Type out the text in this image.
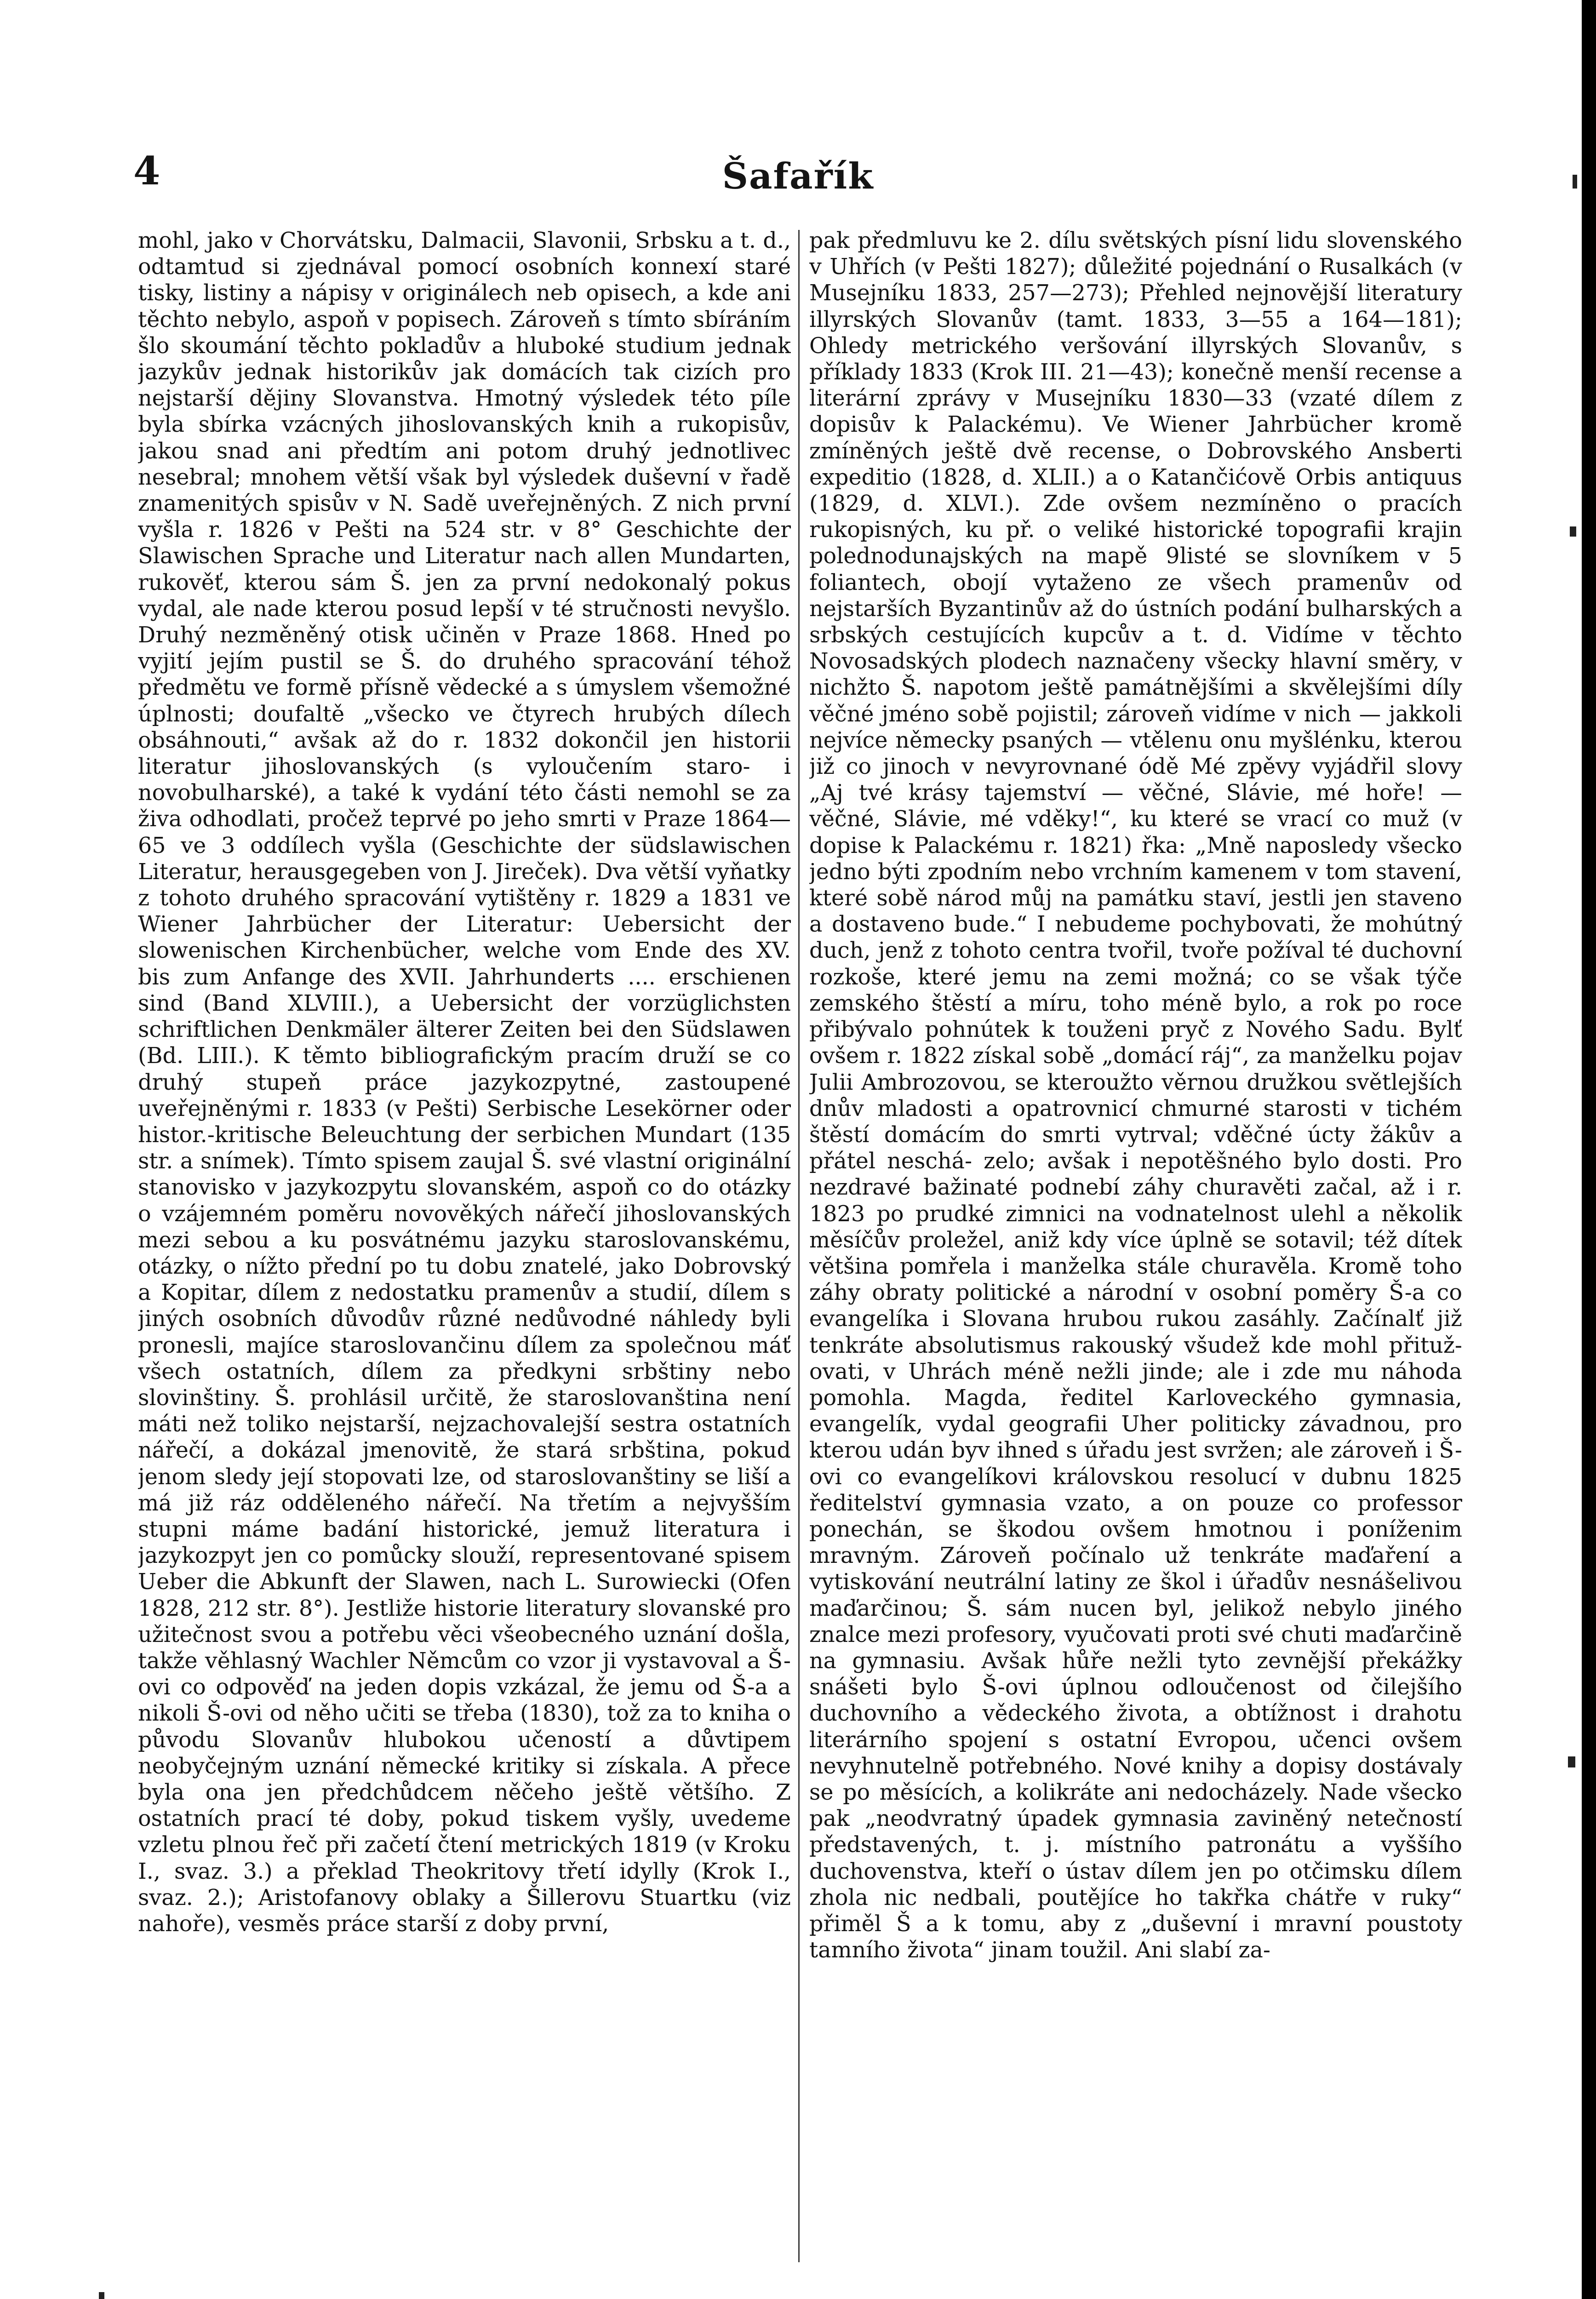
4	Šafařík

mohl, jako v Chorvátsku, Dalmacii, Slavonii, Srbsku a t. d., odtamtud si zjednával pomocí osobních konnexí staré tisky, listiny a nápisy v originálech neb opisech, a kde ani těchto nebylo, aspoň v popisech. Zároveň s tímto sbíráním šlo skoumání těchto pokladův a hluboké studium jednak jazykův jednak historikův jak domácích tak cizích pro nejstarší dějiny Slovanstva. Hmotný výsledek této píle byla sbírka vzácných jihoslovanských knih a rukopisův, jakou snad ani předtím ani potom druhý jednotlivec nesebral; mnohem větší však byl výsledek duševní v řadě znamenitých spisův v N. Sadě uveřejněných. Z nich první vyšla r. 1826 v Pešti na 524 str. v 8° Geschichte der Slawischen Sprache und Literatur nach allen Mundarten, rukověť, kterou sám Š. jen za první nedokonalý pokus vydal, ale nade kterou posud lepší v té stručnosti nevyšlo. Druhý nezměněný otisk učiněn v Praze 1868. Hned po vyjití jejím pustil se Š. do druhého spracování téhož předmětu ve formě přísně vědecké a s úmyslem všemožné úplnosti; doufaltě „všecko ve čtyrech hrubých dílech obsáhnouti,“ avšak až do r. 1832 dokončil jen historii literatur jihoslovanských (s vyloučením staro- i novobulharské), a také k vydání této části nemohl se za živa odhodlati, pročež teprvé po jeho smrti v Praze 1864—65 ve 3 oddílech vyšla (Geschichte der südslawischen Literatur, herausgegeben von J. Jireček). Dva větší vyňatky z tohoto druhého spracování vytištěny r. 1829 a 1831 ve Wiener Jahrbücher der Literatur: Uebersicht der slowenischen Kirchenbücher, welche vom Ende des XV. bis zum Anfange des XVII. Jahrhunderts .... erschienen sind (Band XLVIII.), a Uebersicht der vorzüglichsten schriftlichen Denkmäler älterer Zeiten bei den Südslawen (Bd. LIII.). K těmto bibliografickým pracím druží se co druhý stupeň práce jazykozpytné, zastoupené uveřejněnými r. 1833 (v Pešti) Serbische Lesekörner oder histor.-kritische Beleuchtung der serbichen Mundart (135 str. a snímek). Tímto spisem zaujal Š. své vlastní originální stanovisko v jazykozpytu slovanském, aspoň co do otázky o vzájemném poměru novověkých nářečí jihoslovanských mezi sebou a ku posvátnému jazyku staroslovanskému, otázky, o nížto přední po tu dobu znatelé, jako Dobrovský a Kopitar, dílem z nedostatku pramenův a studií, dílem s jiných osobních důvodův různé nedůvodné náhledy byli pronesli, majíce staroslovančinu dílem za společnou máť všech ostatních, dílem za předkyni srbštiny nebo slovinštiny. Š. prohlásil určitě, že staroslovanština není máti než toliko nejstarší, nejzachovalejší sestra ostatních nářečí, a dokázal jmenovitě, že stará srbština, pokud jenom sledy její stopovati lze, od staroslovanštiny se liší a má již ráz odděleného nářečí. Na třetím a nejvyšším stupni máme badání historické, jemuž literatura i jazykozpyt jen co pomůcky slouží, representované spisem Ueber die Abkunft der Slawen, nach L. Surowiecki (Ofen 1828, 212 str. 8°). Jestliže historie literatury slovanské pro užitečnost svou a potřebu věci všeobecného uznání došla, takže věhlasný Wachler Němcům co vzor ji vystavoval a Š-ovi co odpověď na jeden dopis vzkázal, že jemu od Š-a a nikoli Š-ovi od něho učiti se třeba (1830), tož za to kniha o původu Slovanův hlubokou učeností a důvtipem neobyčejným uznání německé kritiky si získala. A přece byla ona jen předchůdcem něčeho ještě většího. Z ostatních prací té doby, pokud tiskem vyšly, uvedeme vzletu plnou řeč při začetí čtení metrických 1819 (v Kroku I., svaz. 3.) a překlad Theokritovy třetí idylly (Krok I., svaz. 2.); Aristofanovy oblaky a Šillerovu Stuartku (viz nahoře), vesměs práce starší z doby první,

pak předmluvu ke 2. dílu světských písní lidu slovenského v Uhřích (v Pešti 1827); důležité pojednání o Rusalkách (v Musejníku 1833, 257—273); Přehled nejnovější literatury illyrských Slovanův (tamt. 1833, 3—55 a 164—181); Ohledy metrického veršování illyrských Slovanův, s příklady 1833 (Krok III. 21—43); konečně menší recense a literární zprávy v Musejníku 1830—33 (vzaté dílem z dopisův k Palackému). Ve Wiener Jahrbücher kromě zmíněných ještě dvě recense, o Dobrovského Ansberti expeditio (1828, d. XLII.) a o Katančićově Orbis antiquus (1829, d. XLVI.). Zde ovšem nezmíněno o pracích rukopisných, ku př. o veliké historické topografii krajin polednodunajských na mapě 9listé se slovníkem v 5 foliantech, obojí vytaženo ze všech pramenův od nejstarších Byzantinův až do ústních podání bulharských a srbských cestujících kupcův a t. d. Vidíme v těchto Novosadských plodech naznačeny všecky hlavní směry, v nichžto Š. napotom ještě památnějšími a skvělejšími díly věčné jméno sobě pojistil; zároveň vidíme v nich — jakkoli nejvíce německy psaných — vtělenu onu myšlénku, kterou již co jinoch v nevyrovnané ódě Mé zpěvy vyjádřil slovy „Aj tvé krásy tajemství — věčné, Slávie, mé hoře! — věčné, Slávie, mé vděky!“, ku které se vrací co muž (v dopise k Palackému r. 1821) řka: „Mně naposledy všecko jedno býti zpodním nebo vrchním kamenem v tom stavení, které sobě národ můj na památku staví, jestli jen staveno a dostaveno bude.“ I nebudeme pochybovati, že mohútný duch, jenž z tohoto centra tvořil, tvoře požíval té duchovní rozkoše, které jemu na zemi možná; co se však týče zemského štěstí a míru, toho méně bylo, a rok po roce přibývalo pohnútek k touženi pryč z Nového Sadu. Bylť ovšem r. 1822 získal sobě „domácí ráj“, za manželku pojav Julii Ambrozovou, se kteroužto věrnou družkou světlejších dnův mladosti a opatrovnicí chmurné starosti v tichém štěstí domácím do smrti vytrval; vděčné úcty žákův a přátel neschá- zelo; avšak i nepotěšného bylo dosti. Pro nezdravé bažinaté podnebí záhy churavěti začal, až i r. 1823 po prudké zimnici na vodnatelnost ulehl a několik měsíčův proležel, aniž kdy více úplně se sotavil; též dítek většina pomřela i manželka stále churavěla. Kromě toho záhy obraty politické a národní v osobní poměry Š-a co evangelíka i Slovana hrubou rukou zasáhly. Začínalť již tenkráte absolutismus rakouský všudež kde mohl přitužovati, v Uhrách méně nežli jinde; ale i zde mu náhoda pomohla. Magda, ředitel Karloveckého gymnasia, evangelík, vydal geografii Uher politicky závadnou, pro kterou udán byv ihned s úřadu jest svržen; ale zároveň i Š-ovi co evangelíkovi královskou resolucí v dubnu 1825 ředitelství gymnasia vzato, a on pouze co professor ponechán, se škodou ovšem hmotnou i poníženim mravným. Zároveň počínalo už tenkráte maďaření a vytiskování neutrální latiny ze škol i úřadův nesnášelivou maďarčinou; Š. sám nucen byl, jelikož nebylo jiného znalce mezi profesory, vyučovati proti své chuti maďarčině na gymnasiu. Avšak hůře nežli tyto zevnější překážky snášeti bylo Š-ovi úplnou odloučenost od čilejšího duchovního a vědeckého života, a obtížnost i drahotu literárního spojení s ostatní Evropou, učenci ovšem nevyhnutelně potřebného. Nové knihy a dopisy dostávaly se po měsících, a kolikráte ani nedocházely. Nade všecko pak „neodvratný úpadek gymnasia zaviněný netečností představených, t. j. místního patronátu a vyššího duchovenstva, kteří o ústav dílem jen po otčimsku dílem zhola nic nedbali, poutějíce ho takřka chátře v ruky“ přiměl Š a k tomu, aby z „duševní i mravní poustoty tamního života“ jinam toužil. Ani slabí za-
